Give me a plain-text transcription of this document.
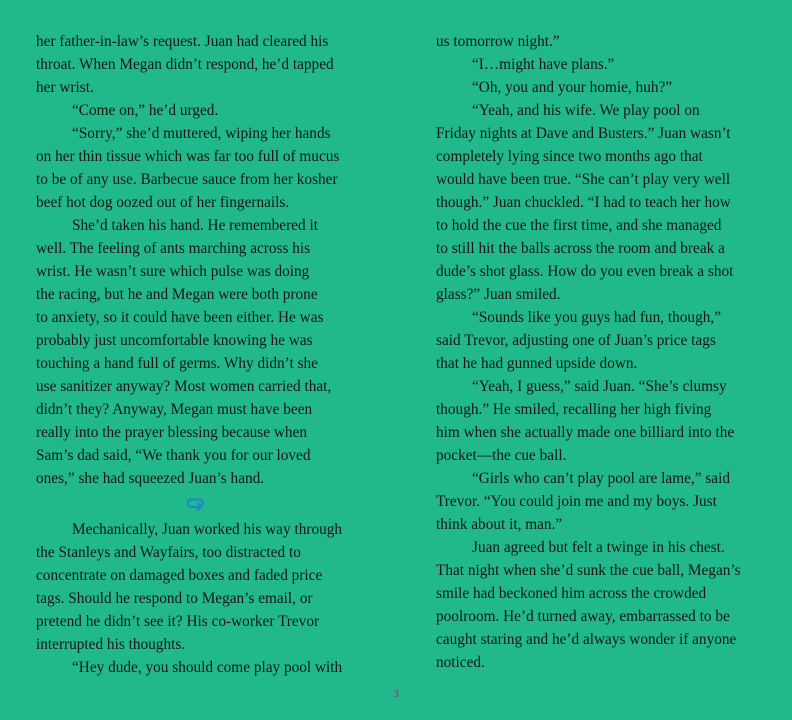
her father-in-law’s request. Juan had cleared his
throat. When Megan didn’t respond, he’d tapped
her wrist.
“Come on,” he’d urged.
“Sorry,” she’d muttered, wiping her hands
on her thin tissue which was far too full of mucus
to be of any use. Barbecue sauce from her kosher
beef hot dog oozed out of her fingernails.
She’d taken his hand. He remembered it
well. The feeling of ants marching across his
wrist. He wasn’t sure which pulse was doing
the racing, but he and Megan were both prone
to anxiety, so it could have been either. He was
probably just uncomfortable knowing he was
touching a hand full of germs. Why didn’t she
use sanitizer anyway? Most women carried that,
didn’t they? Anyway, Megan must have been
really into the prayer blessing because when
Sam’s dad said, “We thank you for our loved
ones,” she had squeezed Juan’s hand.
Mechanically, Juan worked his way through
the Stanleys and Wayfairs, too distracted to
concentrate on damaged boxes and faded price
tags. Should he respond to Megan’s email, or
pretend he didn’t see it? His co-worker Trevor
interrupted his thoughts.
“Hey dude, you should come play pool with
us tomorrow night.”
“I…might have plans.”
“Oh, you and your homie, huh?”
“Yeah, and his wife. We play pool on
Friday nights at Dave and Busters.” Juan wasn’t
completely lying since two months ago that
would have been true. “She can’t play very well
though.” Juan chuckled. “I had to teach her how
to hold the cue the first time, and she managed
to still hit the balls across the room and break a
dude’s shot glass. How do you even break a shot
glass?” Juan smiled.
“Sounds like you guys had fun, though,”
said Trevor, adjusting one of Juan’s price tags
that he had gunned upside down.
“Yeah, I guess,” said Juan. “She’s clumsy
though.” He smiled, recalling her high fiving
him when she actually made one billiard into the
pocket—the cue ball.
“Girls who can’t play pool are lame,” said
Trevor. “You could join me and my boys. Just
think about it, man.”
Juan agreed but felt a twinge in his chest.
That night when she’d sunk the cue ball, Megan’s
smile had beckoned him across the crowded
poolroom. He’d turned away, embarrassed to be
caught staring and he’d always wonder if anyone
noticed.
3
